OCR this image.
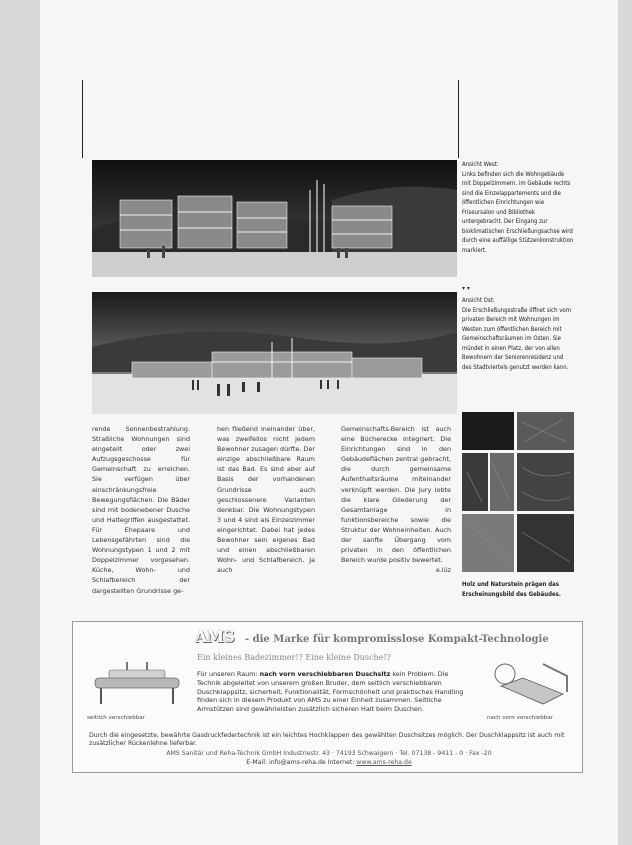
Ansicht West:
Links befinden sich die Wohngebäude mit Doppelzimmern, im Gebäude rechts sind die Einzelappartements und die öffentlichen Einrichtungen wie Friseursalon und Bibliothek untergebracht. Der Eingang zur bioklimatischen Erschließungsachse wird durch eine auffällige Stützenkonstruktion markiert.
▾ ▾
Ansicht Ost:
Die Erschließungsstraße öffnet sich vom privaten Bereich mit Wohnungen im Westen zum öffentlichen Bereich mit Gemeinschaftsräumen im Osten. Sie mündet in einen Platz, der von allen Bewohnern der Seniorenresidenz und des Stadtviertels genutzt werden kann.
Holz und Naturstein prägen das Erscheinungsbild des Gebäudes.

rende Sonnenbestrahlung. Straßliche Wohnungen sind eingeteilt oder zwei Aufzugsgeschosse für Gemeinschaft zu erreichen. Sie verfügen über einschränkungsfreie Bewegungsflächen. Die Bäder sind mit bodenebener Dusche und Haltegriffen ausgestattet. Für Ehepaare und Lebensgefährten sind die Wohnungstypen 1 und 2 mit Doppelzimmer vorgesehen. Küche, Wohn- und Schlafbereich der dargestellten Grundrisse ge-

hen fließend ineinander über, was zweifellos nicht jedem Bewohner zusagen dürfte. Der einzige abschließbare Raum ist das Bad. Es sind aber auf Basis der vorhandenen Grundrisse auch geschlossenere Varianten denkbar. Die Wohnungstypen 3 und 4 sind als Einzelzimmer eingerichtet. Dabei hat jedes Bewohner sein eigenes Bad und einen abschließbaren Wohn- und Schlafbereich. Ja auch

Gemeinschafts-Bereich ist auch eine Bücherecke integriert. Die Einrichtungen sind in den Gebäudeflächen zentral gebracht, die durch gemeinsame Aufenthaltsräume miteinander verknüpft werden. Die Jury lobte die klare Gliederung der Gesamtanlage in funktionsbereiche sowie die Struktur der Wohneinheiten. Auch der sanfte Übergang vom privaten in den öffentlichen Bereich wurde positiv bewertet.

e.lüz

AMS - die Marke für kompromisslose Kompakt-Technologie
Ein kleines Badezimmer!? Eine kleine Dusche!?
seitlich verschiebbar
Für unseren Raum: nach vorn verschiebbaren Duschsitz kein Problem. Die Technik abgeleitet von unserem großen Bruder, dem seitlich verschiebbaren Duschklappsitz, sicherheit, Funktionalität, Formschönheit und praktisches Handling finden sich in diesem Produkt von AMS zu einer Einheit zusammen. Seitliche Armstützen sind gewährleisten zusätzlich sicheren Halt beim Duschen.
nach vorn verschiebbar
Durch die eingesetzte, bewährte Gasdruckfedertechnik ist ein leichtes Hochklappen des gewählten Duschsitzes möglich. Der Duschklappsitz ist auch mit zusätzlicher Rückenlehne lieferbar.
AMS Sanitär und Reha-Technik GmbH Industriestr. 43 · 74193 Schwaigern · Tel. 07138 - 9411 - 0 · Fax -20
E-Mail: info@ams-reha.de Internet: www.ams-reha.de
